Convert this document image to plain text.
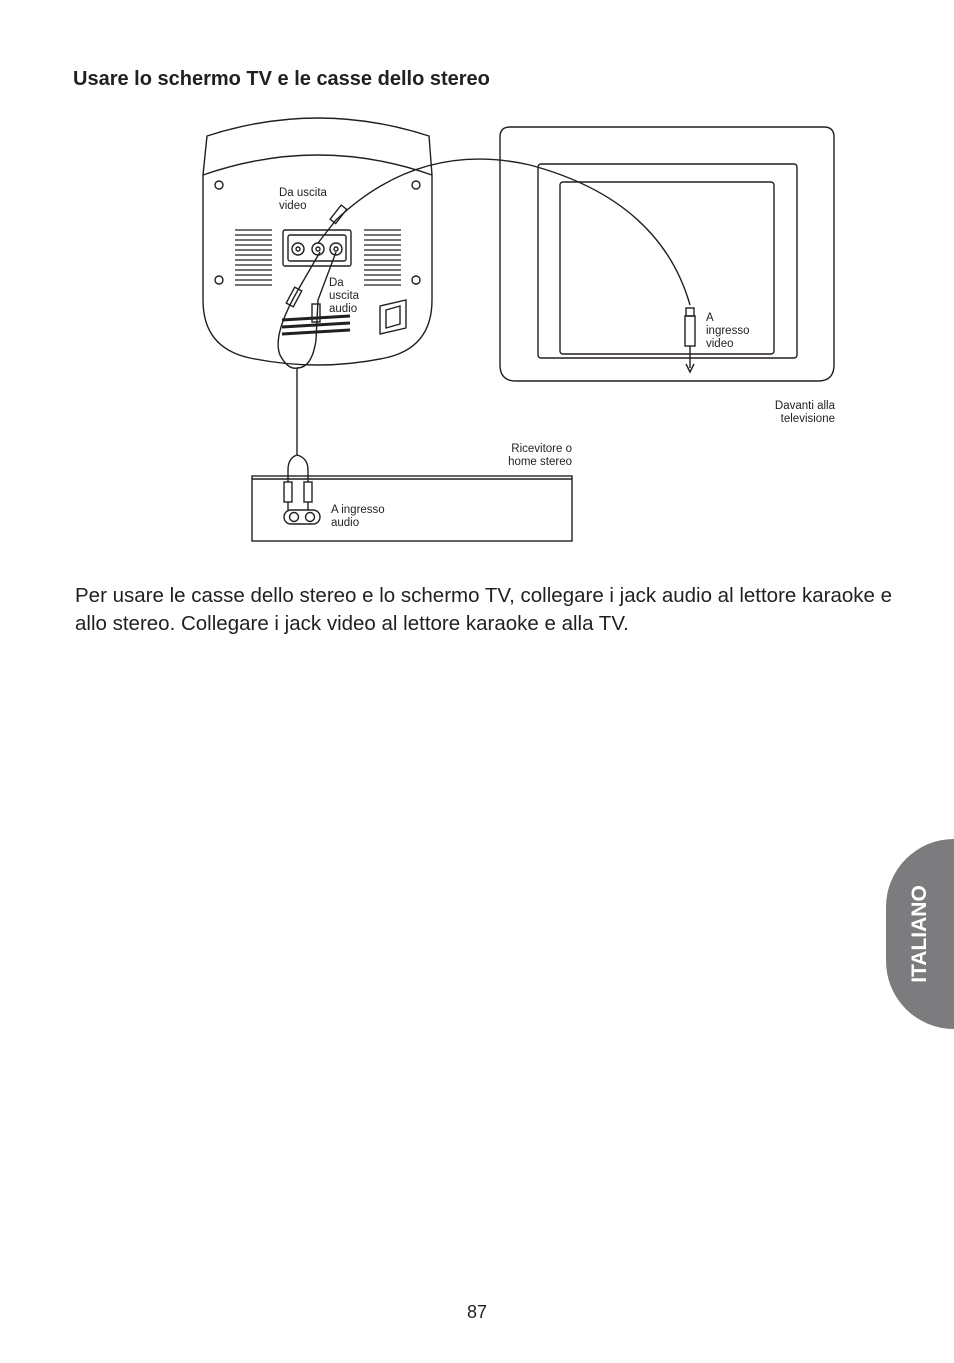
Usare lo schermo TV e le casse dello stereo
Da uscita
video
Da
uscita
audio
A
ingresso
video
Davanti alla
televisione
Ricevitore o
home stereo
A ingresso
audio

Per usare le casse dello stereo e lo schermo TV, collegare i jack audio al lettore karaoke e allo stereo. Collegare i jack video al lettore karaoke e alla TV.

ITALIANO
87
